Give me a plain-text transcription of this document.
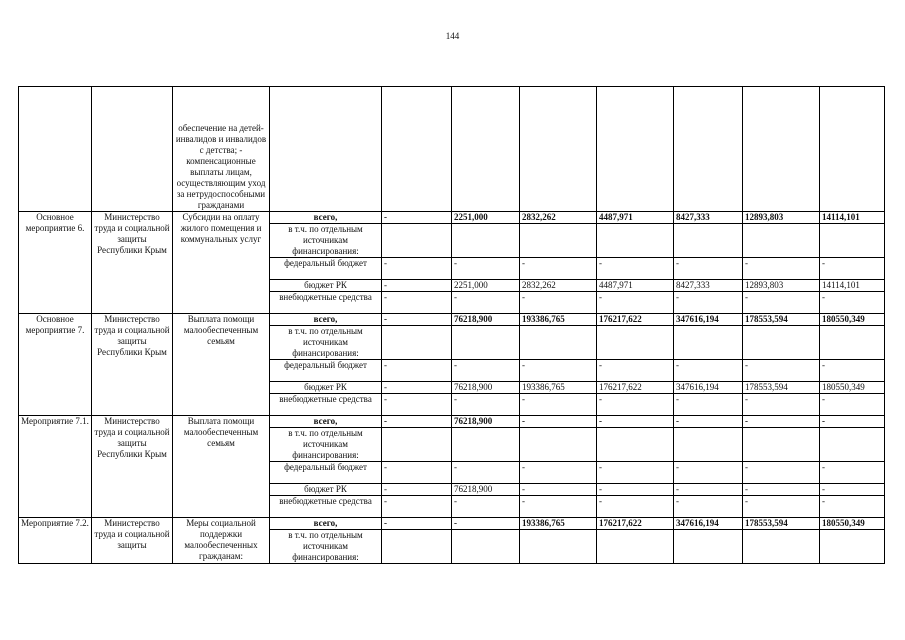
144
		обеспечение на детей-инвалидов и инвалидов с детства; - компенсационные выплаты лицам, осуществляющим уход за нетрудоспособными гражданами								
Основное мероприятие 6.	Министерство труда и социальной защиты Республики Крым	Субсидии на оплату жилого помещения и коммунальных услуг	всего,	-	2251,000	2832,262	4487,971	8427,333	12893,803	14114,101
			в т.ч. по отдельным источникам финансирования:							
			федеральный бюджет	-	-	-	-	-	-	-
			бюджет РК	-	2251,000	2832,262	4487,971	8427,333	12893,803	14114,101
			внебюджетные средства	-	-	-	-	-	-	-
Основное мероприятие 7.	Министерство труда и социальной защиты Республики Крым	Выплата помощи малообеспеченным семьям	всего,	-	76218,900	193386,765	176217,622	347616,194	178553,594	180550,349
			в т.ч. по отдельным источникам финансирования:							
			федеральный бюджет	-	-	-	-	-	-	-
			бюджет РК	-	76218,900	193386,765	176217,622	347616,194	178553,594	180550,349
			внебюджетные средства	-	-	-	-	-	-	-
Мероприятие 7.1.	Министерство труда и социальной защиты Республики Крым	Выплата помощи малообеспеченным семьям	всего,	-	76218,900	-	-	-	-	-
			в т.ч. по отдельным источникам финансирования:							
			федеральный бюджет	-	-	-	-	-	-	-
			бюджет РК	-	76218,900	-	-	-	-	-
			внебюджетные средства	-	-	-	-	-	-	-
Мероприятие 7.2.	Министерство труда и социальной защиты	Меры социальной поддержки малообеспеченных гражданам:	всего,	-	-	193386,765	176217,622	347616,194	178553,594	180550,349
			в т.ч. по отдельным источникам финансирования:							
